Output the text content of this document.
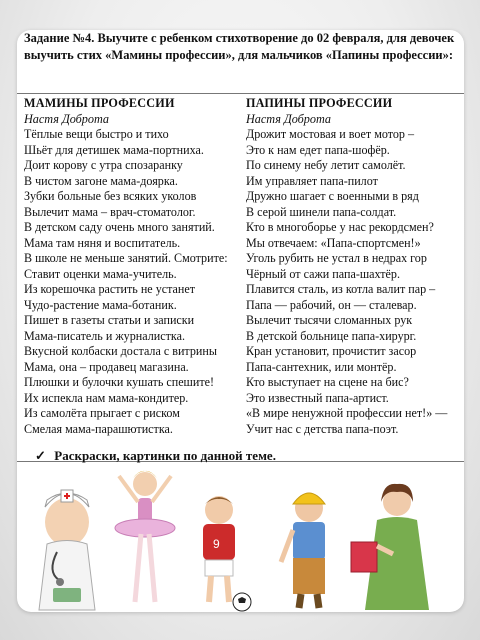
Задание №4. Выучите с ребенком стихотворение до 02 февраля, для девочек выучить стих «Мамины профессии», для мальчиков «Папины профессии»:
МАМИНЫ ПРОФЕССИИ
Настя Доброта
Тёплые вещи быстро и тихо
Шьёт для детишек мама-портниха.
Доит корову с утра спозаранку
В чистом загоне мама-доярка.
Зубки больные без всяких уколов
Вылечит мама – врач-стоматолог.
В детском саду очень много занятий.
Мама там няня и воспитатель.
В школе не меньше занятий. Смотрите:
Ставит оценки мама-учитель.
Из корешочка растить не устанет
Чудо-растение мама-ботаник.
Пишет в газеты статьи и записки
Мама-писатель и журналистка.
Вкусной колбаски достала с витрины
Мама, она – продавец магазина.
Плюшки и булочки кушать спешите!
Их испекла нам мама-кондитер.
Из самолёта прыгает с риском
Смелая мама-парашютистка.
ПАПИНЫ ПРОФЕССИИ
Настя Доброта
Дрожит мостовая и воет мотор –
Это к нам едет папа-шофёр.
По синему небу летит самолёт.
Им управляет папа-пилот
Дружно шагает с военными в ряд
В серой шинели папа-солдат.
Кто в многоборье у нас рекордсмен?
Мы отвечаем: «Папа-спортсмен!»
Уголь рубить не устал в недрах гор
Чёрный от сажи папа-шахтёр.
Плавится сталь, из котла валит пар –
Папа — рабочий, он — сталевар.
Вылечит тысячи сломанных рук
В детской больнице папа-хирург.
Кран установит, прочистит засор
Папа-сантехник, или монтёр.
Кто выступает на сцене на бис?
Это известный папа-артист.
«В мире ненужной профессии нет!» —
Учит нас с детства папа-поэт.
✓ Раскраски, картинки по данной теме.
9
